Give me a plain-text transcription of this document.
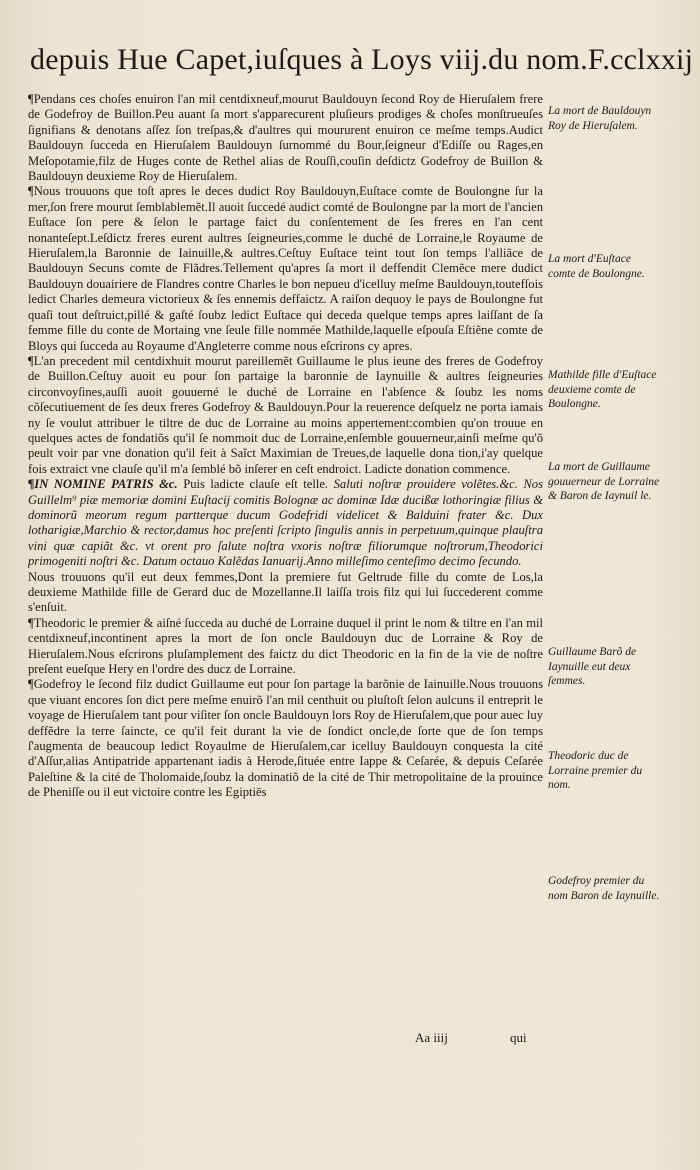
depuis Hue Capet,iuſques à Loys viij.du nom.F.cclxxij

¶Pendans ces choſes enuiron l'an mil centdixneuf,mourut Bauldouyn ſecond Roy de Hieruſalem frere de Godefroy de Buillon.Peu auant ſa mort s'apparecurent pluſieurs prodiges & choſes monſtrueuſes ſignifians & denotans aſſez ſon treſpas,& d'aultres qui moururent enuiron ce meſme temps.Audict Bauldouyn ſucceda en Hieruſalem Bauldouyn ſurnommé du Bour,ſeigneur d'Ediſſe ou Rages,en Meſopotamie,filz de Huges conte de Rethel alias de Rouſſi,couſin deſdictz Godefroy de Buillon & Bauldouyn deuxieme Roy de Hieruſalem.

¶Nous trouuons que toſt apres le deces dudict Roy Bauldouyn,Euſtace comte de Boulongne ſur la mer,ſon frere mourut ſemblablemẽt.Il auoit ſuccedé audict comté de Boulongne par la mort de l'ancien Euſtace ſon pere & ſelon le partage faict du conſentement de ſes freres en l'an cent nonanteſept.Leſdictz freres eurent aultres ſeigneuries,comme le duché de Lorraine,le Royaume de Hieruſalem,la Baronnie de Iainuille,& aultres.Ceſtuy Euſtace teint tout ſon temps l'alliãce de Bauldouyn Secuns comte de Flãdres.Tellement qu'apres ſa mort il deffendit Clemẽce mere dudict Bauldouyn douairiere de Flandres contre Charles le bon nepueu d'icelluy meſme Bauldouyn,toutefſois ledict Charles demeura victorieux & ſes ennemis deffaictz. A raiſon dequoy le pays de Boulongne fut quaſi tout deſtruict,pillé & gaſté ſoubz ledict Euſtace qui deceda quelque temps apres laiſſant de ſa femme fille du conte de Mortaing vne ſeule fille nommée Mathilde,laquelle eſpouſa Eſtiẽne comte de Bloys qui ſucceda au Royaume d'Angleterre comme nous eſcrirons cy apres.

¶L'an precedent mil centdixhuit mourut pareillemẽt Guillaume le plus ieune des freres de Godefroy de Buillon.Ceſtuy auoit eu pour ſon partaige la baronnie de Iaynuille & aultres ſeigneuries circonvoyſines,auſſi auoit gouuerné le duché de Lorraine en l'abſence & ſoubz les noms cõſecutiuement de ſes deux freres Godefroy & Bauldouyn.Pour la reuerence deſquelz ne porta iamais ny ſe voulut attribuer le tiltre de duc de Lorraine au moins appertement:combien qu'on trouue en quelques actes de fondatiõs qu'il ſe nommoit duc de Lorraine,enſemble gouuerneur,ainſi meſme qu'õ peult voir par vne donation qu'il feit à Saĩct Maximian de Treues,de laquelle dona tion,i'ay quelque fois extraict vne clauſe qu'il m'a ſemblé bõ inſerer en ceſt endroict. Ladicte donation commence.

¶IN NOMINE PATRIS &c. Puis ladicte clauſe eſt telle. Saluti noſtræ prouidere volẽtes.&c. Nos Guillelm⁹ piæ memoriæ domini Euſtacij comitis Bolognæ ac dominæ Idæ ducißæ lothoringiæ filius & dominorũ meorum regum partterque ducum Godefridi videlicet & Balduini frater &c. Dux lotharigiæ,Marchio & rector,damus hoc preſenti ſcripto ſingulis annis in perpetuum,quinque plauſtra vini quæ capiãt &c. vt orent pro ſalute noſtra vxoris noſtræ filiorumque noſtrorum,Theodorici primogeniti noſtri &c. Datum octauo Kalẽdas Ianuarij.Anno milleſimo centeſimo decimo ſecundo.

Nous trouuons qu'il eut deux femmes,Dont la premiere fut Geltrude fille du comte de Los,la deuxieme Mathilde fille de Gerard duc de Mozellanne.Il laiſſa trois filz qui lui ſuccederent comme s'enſuit.

¶Theodoric le premier & aiſné ſucceda au duché de Lorraine duquel il print le nom & tiltre en l'an mil centdixneuf,incontinent apres la mort de ſon oncle Bauldouyn duc de Lorraine & Roy de Hieruſalem.Nous eſcrirons pluſamplement des faictz du dict Theodoric en la fin de la vie de noſtre preſent eueſque Hery en l'ordre des ducz de Lorraine.

¶Godefroy le ſecond filz dudict Guillaume eut pour ſon partage la barõnie de Iainuille.Nous trouuons que viuant encores ſon dict pere meſme enuirõ l'an mil centhuit ou pluſtoſt ſelon aulcuns il entreprit le voyage de Hieruſalem tant pour viſiter ſon oncle Bauldouyn lors Roy de Hieruſalem,que pour auec luy deffẽdre la terre ſaincte, ce qu'il feit durant la vie de ſondict oncle,de ſorte que de ſon temps ſ'augmenta de beaucoup ledict Royaulme de Hieruſalem,car icelluy Bauldouyn conquesta la cité d'Aſſur,alias Antipatride appartenant iadis à Herode,ſituée entre Iappe & Ceſarée, & depuis Ceſarée Paleſtine & la cité de Tholomaide,ſoubz la dominatiõ de la cité de Thir metropolitaine de la prouince de Pheniſſe ou il eut victoire contre les Egiptiēs

La mort de Bauldouyn Roy de Hieruſalem.
La mort d'Euſtace comte de Boulongne.
Mathilde fille d'Euſtace deuxieme comte de Boulongne.
La mort de Guillaume gouuerneur de Lorraine & Baron de Iaynuil le.
Guillaume Barõ de Iaynuille eut deux ſemmes.
Theodoric duc de Lorraine premier du nom.
Godefroy premier du nom Baron de Iaynuille.
Aa iiij	qui
